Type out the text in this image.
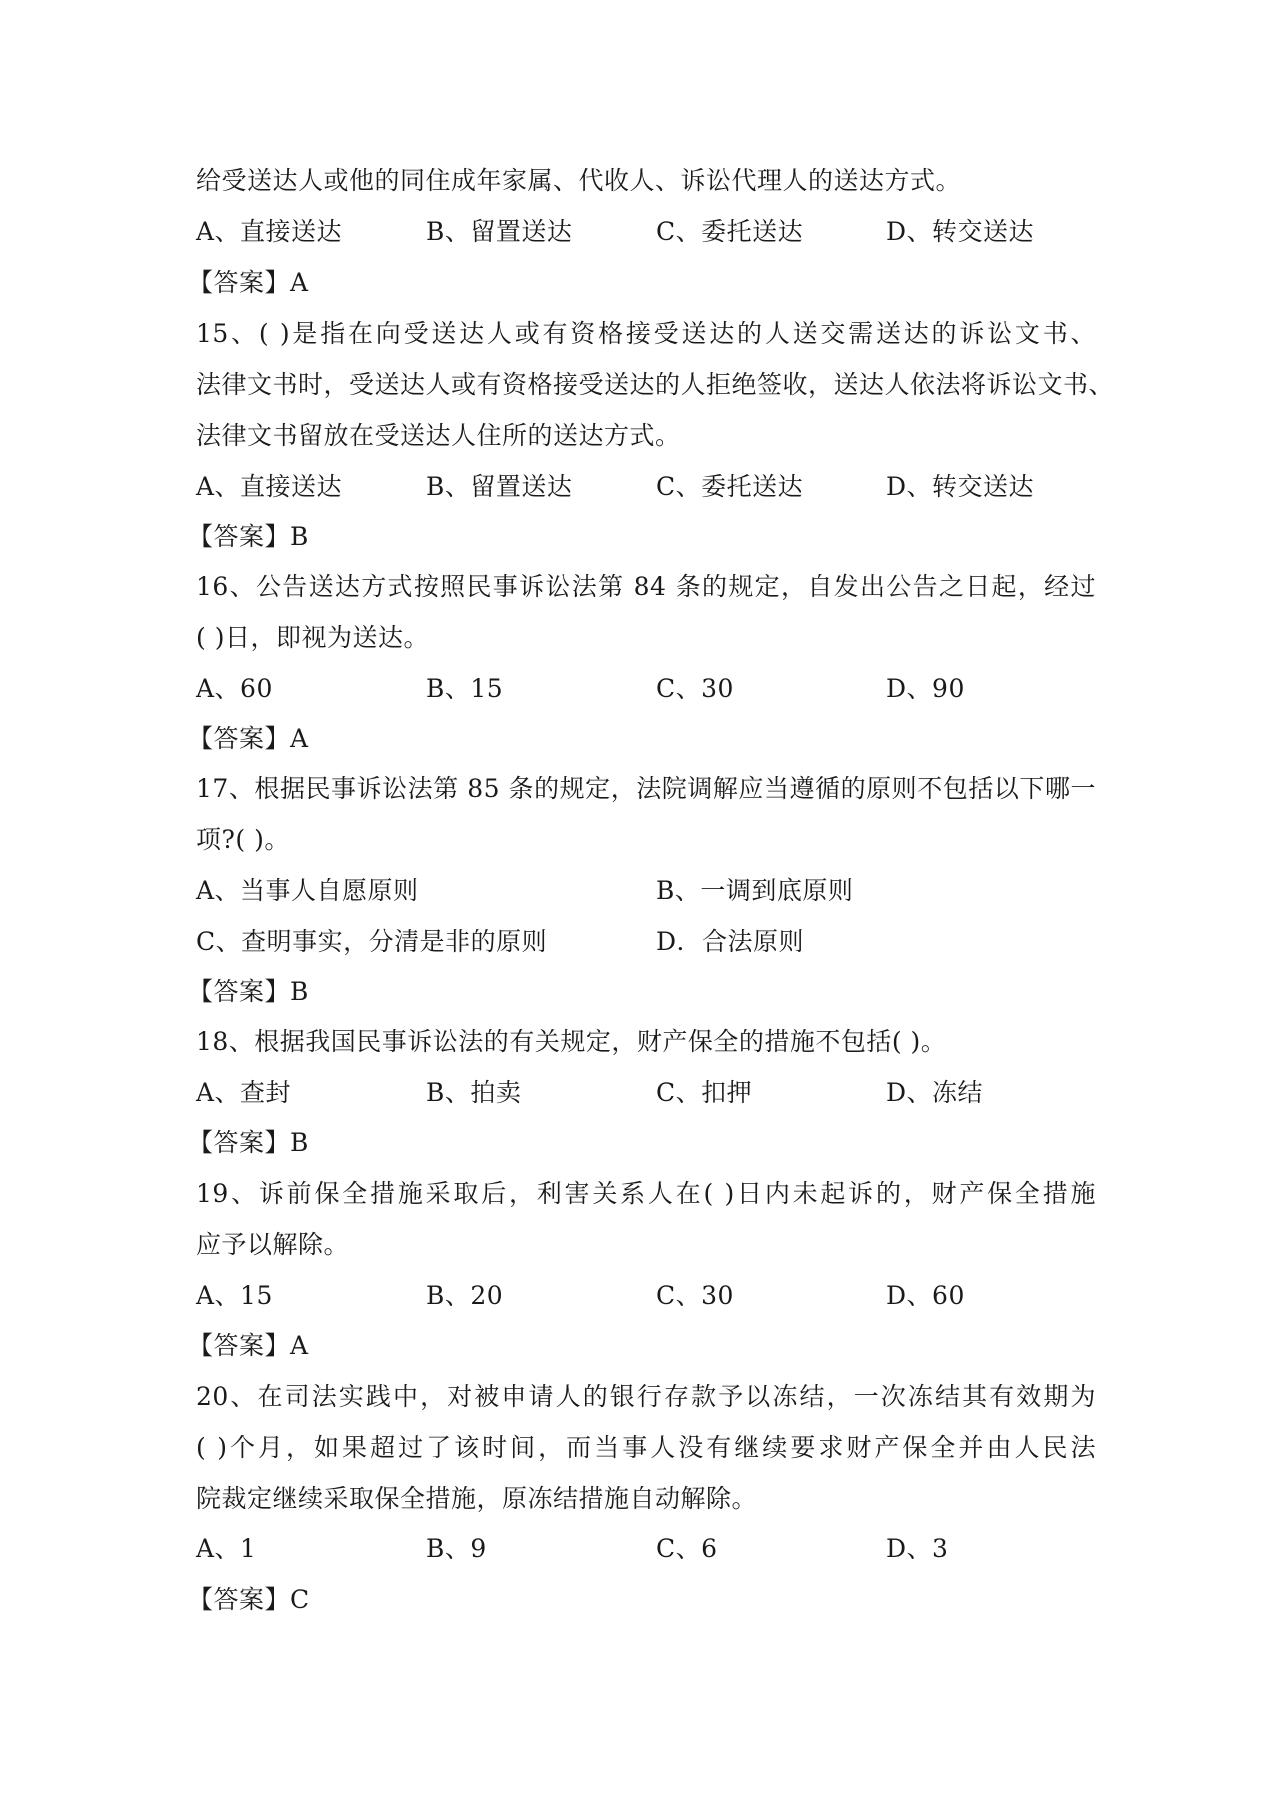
给受送达人或他的同住成年家属、代收人、诉讼代理人的送达方式。
A、直接送达	B、留置送达	C、委托送达	D、转交送达
【答案】A
15、( )是指在向受送达人或有资格接受送达的人送交需送达的诉讼文书、
法律文书时，受送达人或有资格接受送达的人拒绝签收，送达人依法将诉讼文书、
法律文书留放在受送达人住所的送达方式。
A、直接送达	B、留置送达	C、委托送达	D、转交送达
【答案】B
16、公告送达方式按照民事诉讼法第 84 条的规定，自发出公告之日起，经过
( )日，即视为送达。
A、60	B、15	C、30	D、90
【答案】A
17、根据民事诉讼法第 85 条的规定，法院调解应当遵循的原则不包括以下哪一
项?( )。
A、当事人自愿原则	B、一调到底原则
C、查明事实，分清是非的原则	D．合法原则
【答案】B
18、根据我国民事诉讼法的有关规定，财产保全的措施不包括( )。
A、查封	B、拍卖	C、扣押	D、冻结
【答案】B
19、诉前保全措施采取后，利害关系人在( )日内未起诉的，财产保全措施
应予以解除。
A、15	B、20	C、30	D、60
【答案】A
20、在司法实践中，对被申请人的银行存款予以冻结，一次冻结其有效期为
( )个月，如果超过了该时间，而当事人没有继续要求财产保全并由人民法
院裁定继续采取保全措施，原冻结措施自动解除。
A、1	B、9	C、6	D、3
【答案】C
